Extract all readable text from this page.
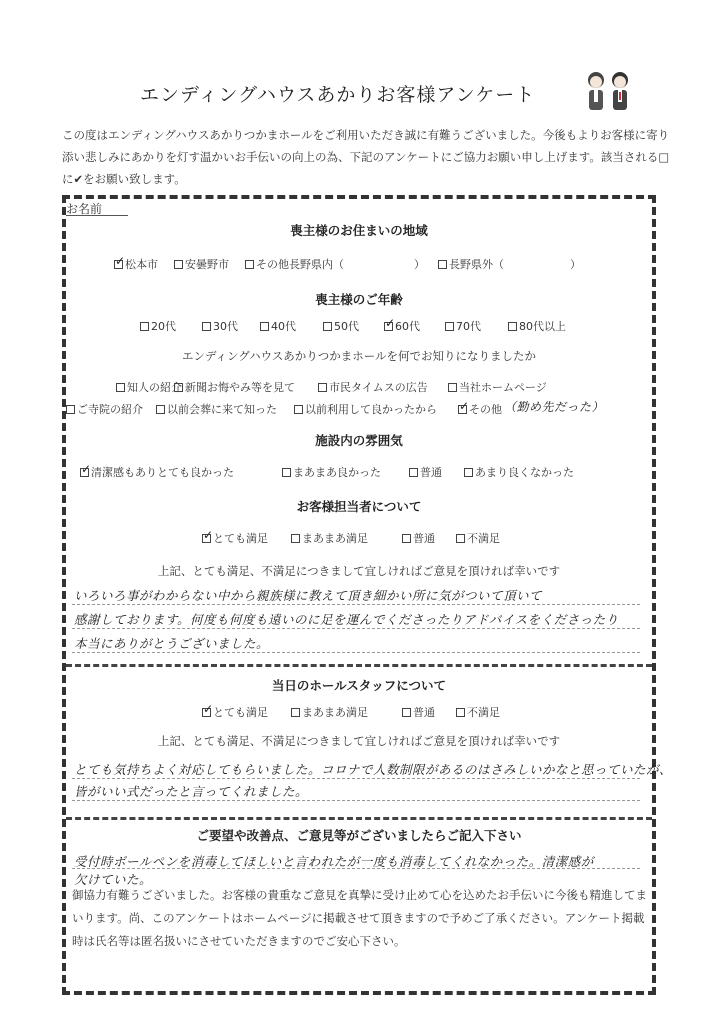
エンディングハウスあかりお客様アンケート
この度はエンディングハウスあかりつかまホールをご利用いただき誠に有難うございました。今後もよりお客様に寄り添い悲しみにあかりを灯す温かいお手伝いの向上の為、下記のアンケートにご協力お願い申し上げます。該当される□に✔をお願い致します。
お名前
喪主様のお住まいの地域
✓松本市	安曇野市	その他長野県内（	）	長野県外（	）
喪主様のご年齢
20代	30代	40代	50代 ✓	60代	70代	80代以上
エンディングハウスあかりつかまホールを何でお知りになりましたか
知人の紹介 新聞お悔やみ等を見て	市民タイムスの広告	当社ホームページ
ご寺院の紹介	以前会葬に来て知った	以前利用して良かったから ✓	その他 （勤め先だった）
施設内の雰囲気
✓清潔感もありとても良かった	まあまあ良かった	普通	あまり良くなかった
お客様担当者について
✓とても満足	まあまあ満足	普通	不満足
上記、とても満足、不満足につきまして宜しければご意見を頂ければ幸いです
いろいろ事がわからない中から親族様に教えて頂き細かい所に気がついて頂いて
感謝しております。何度も何度も遠いのに足を運んでくださったりアドバイスをくださったり
本当にありがとうございました。
当日のホールスタッフについて
✓とても満足	まあまあ満足	普通	不満足
上記、とても満足、不満足につきまして宜しければご意見を頂ければ幸いです
とても気持ちよく対応してもらいました。コロナで人数制限があるのはさみしいかなと思っていたが、
皆がいい式だったと言ってくれました。
ご要望や改善点、ご意見等がございましたらご記入下さい
受付時ボールペンを消毒してほしいと言われたが一度も消毒してくれなかった。清潔感が
欠けていた。
御協力有難うございました。お客様の貴重なご意見を真摯に受け止めて心を込めたお手伝いに今後も精進してまいります。尚、このアンケートはホームページに掲載させて頂きますので予めご了承ください。アンケート掲載時は氏名等は匿名扱いにさせていただきますのでご安心下さい。
